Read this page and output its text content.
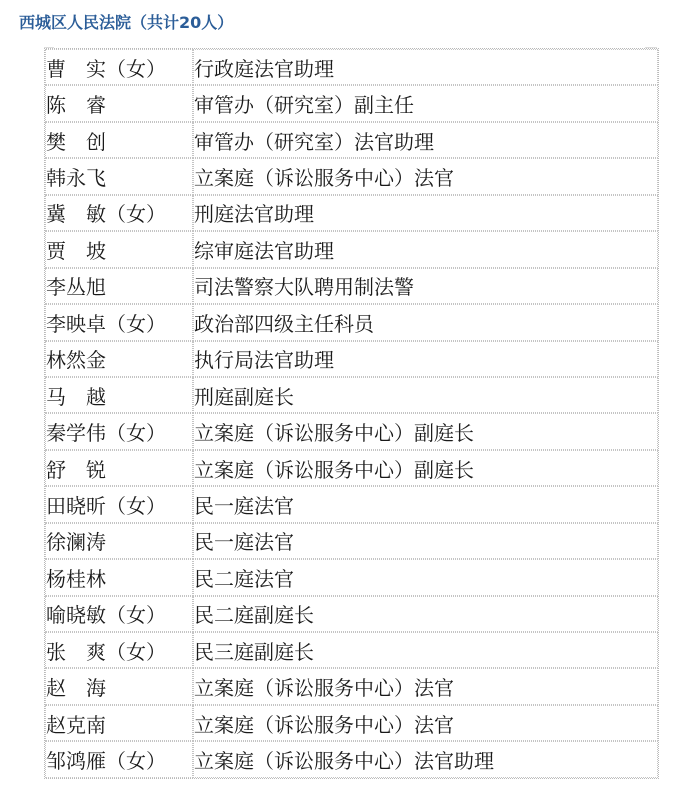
西城区人民法院（共计20人）
曹　实（女）	行政庭法官助理
陈　睿	审管办（研究室）副主任
樊　创	审管办（研究室）法官助理
韩永飞	立案庭（诉讼服务中心）法官
冀　敏（女）	刑庭法官助理
贾　坡	综审庭法官助理
李丛旭	司法警察大队聘用制法警
李映卓（女）	政治部四级主任科员
林然金	执行局法官助理
马　越	刑庭副庭长
秦学伟（女）	立案庭（诉讼服务中心）副庭长
舒　锐	立案庭（诉讼服务中心）副庭长
田晓昕（女）	民一庭法官
徐澜涛	民一庭法官
杨桂林	民二庭法官
喻晓敏（女）	民二庭副庭长
张　爽（女）	民三庭副庭长
赵　海	立案庭（诉讼服务中心）法官
赵克南	立案庭（诉讼服务中心）法官
邹鸿雁（女）	立案庭（诉讼服务中心）法官助理
